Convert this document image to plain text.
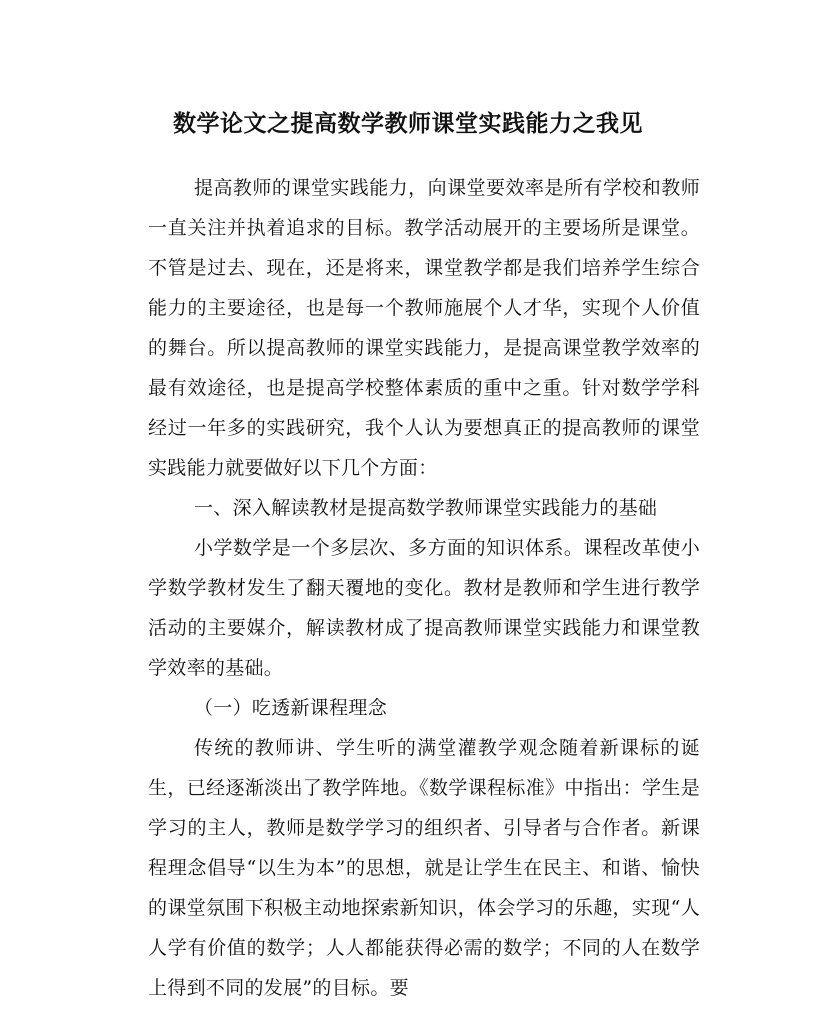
数学论文之提高数学教师课堂实践能力之我见

提高教师的课堂实践能力，向课堂要效率是所有学校和教师一直关注并执着追求的目标。教学活动展开的主要场所是课堂。不管是过去、现在，还是将来，课堂教学都是我们培养学生综合能力的主要途径，也是每一个教师施展个人才华，实现个人价值的舞台。所以提高教师的课堂实践能力，是提高课堂教学效率的最有效途径，也是提高学校整体素质的重中之重。针对数学学科经过一年多的实践研究，我个人认为要想真正的提高教师的课堂实践能力就要做好以下几个方面：

一、深入解读教材是提高数学教师课堂实践能力的基础

小学数学是一个多层次、多方面的知识体系。课程改革使小学数学教材发生了翻天覆地的变化。教材是教师和学生进行教学活动的主要媒介，解读教材成了提高教师课堂实践能力和课堂教学效率的基础。

（一）吃透新课程理念

传统的教师讲、学生听的满堂灌教学观念随着新课标的诞生，已经逐渐淡出了教学阵地。《数学课程标准》中指出：学生是学习的主人，教师是数学学习的组织者、引导者与合作者。新课程理念倡导“以生为本”的思想，就是让学生在民主、和谐、愉快的课堂氛围下积极主动地探索新知识，体会学习的乐趣，实现“人人学有价值的数学；人人都能获得必需的数学；不同的人在数学上得到不同的发展”的目标。要
